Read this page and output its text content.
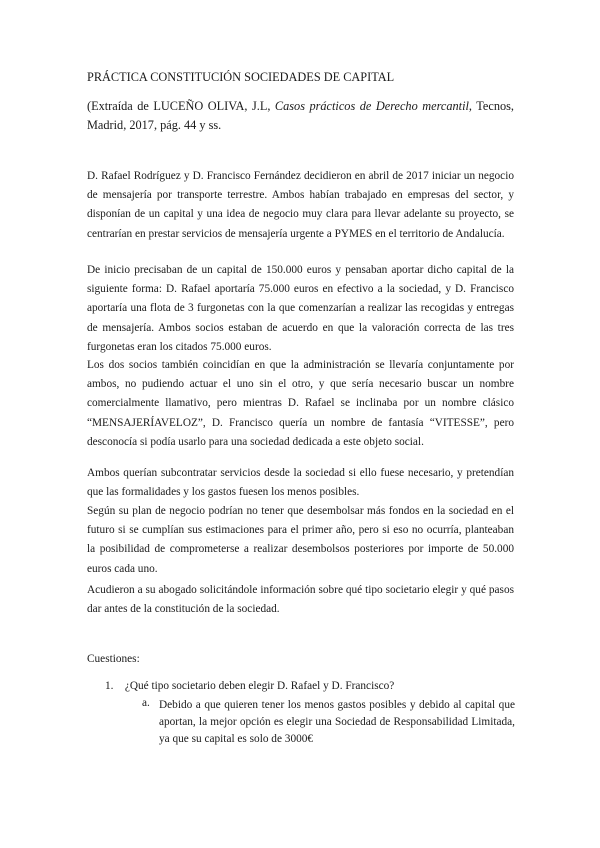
PRÁCTICA CONSTITUCIÓN SOCIEDADES DE CAPITAL
(Extraída de LUCEÑO OLIVA, J.L, Casos prácticos de Derecho mercantil, Tecnos, Madrid, 2017, pág. 44 y ss.

D. Rafael Rodríguez y D. Francisco Fernández decidieron en abril de 2017 iniciar un negocio de mensajería por transporte terrestre. Ambos habían trabajado en empresas del sector, y disponían de un capital y una idea de negocio muy clara para llevar adelante su proyecto, se centrarían en prestar servicios de mensajería urgente a PYMES en el territorio de Andalucía.

De inicio precisaban de un capital de 150.000 euros y pensaban aportar dicho capital de la siguiente forma: D. Rafael aportaría 75.000 euros en efectivo a la sociedad, y D. Francisco aportaría una flota de 3 furgonetas con la que comenzarían a realizar las recogidas y entregas de mensajería. Ambos socios estaban de acuerdo en que la valoración correcta de las tres furgonetas eran los citados 75.000 euros.

Los dos socios también coincidían en que la administración se llevaría conjuntamente por ambos, no pudiendo actuar el uno sin el otro, y que sería necesario buscar un nombre comercialmente llamativo, pero mientras D. Rafael se inclinaba por un nombre clásico “MENSAJERÍAVELOZ”, D. Francisco quería un nombre de fantasía “VITESSE”, pero desconocía si podía usarlo para una sociedad dedicada a este objeto social.

Ambos querían subcontratar servicios desde la sociedad si ello fuese necesario, y pretendían que las formalidades y los gastos fuesen los menos posibles.

Según su plan de negocio podrían no tener que desembolsar más fondos en la sociedad en el futuro si se cumplían sus estimaciones para el primer año, pero si eso no ocurría, planteaban la posibilidad de comprometerse a realizar desembolsos posteriores por importe de 50.000 euros cada uno.

Acudieron a su abogado solicitándole información sobre qué tipo societario elegir y qué pasos dar antes de la constitución de la sociedad.

Cuestiones:
1. ¿Qué tipo societario deben elegir D. Rafael y D. Francisco?
a. Debido a que quieren tener los menos gastos posibles y debido al capital que aportan, la mejor opción es elegir una Sociedad de Responsabilidad Limitada, ya que su capital es solo de 3000€
